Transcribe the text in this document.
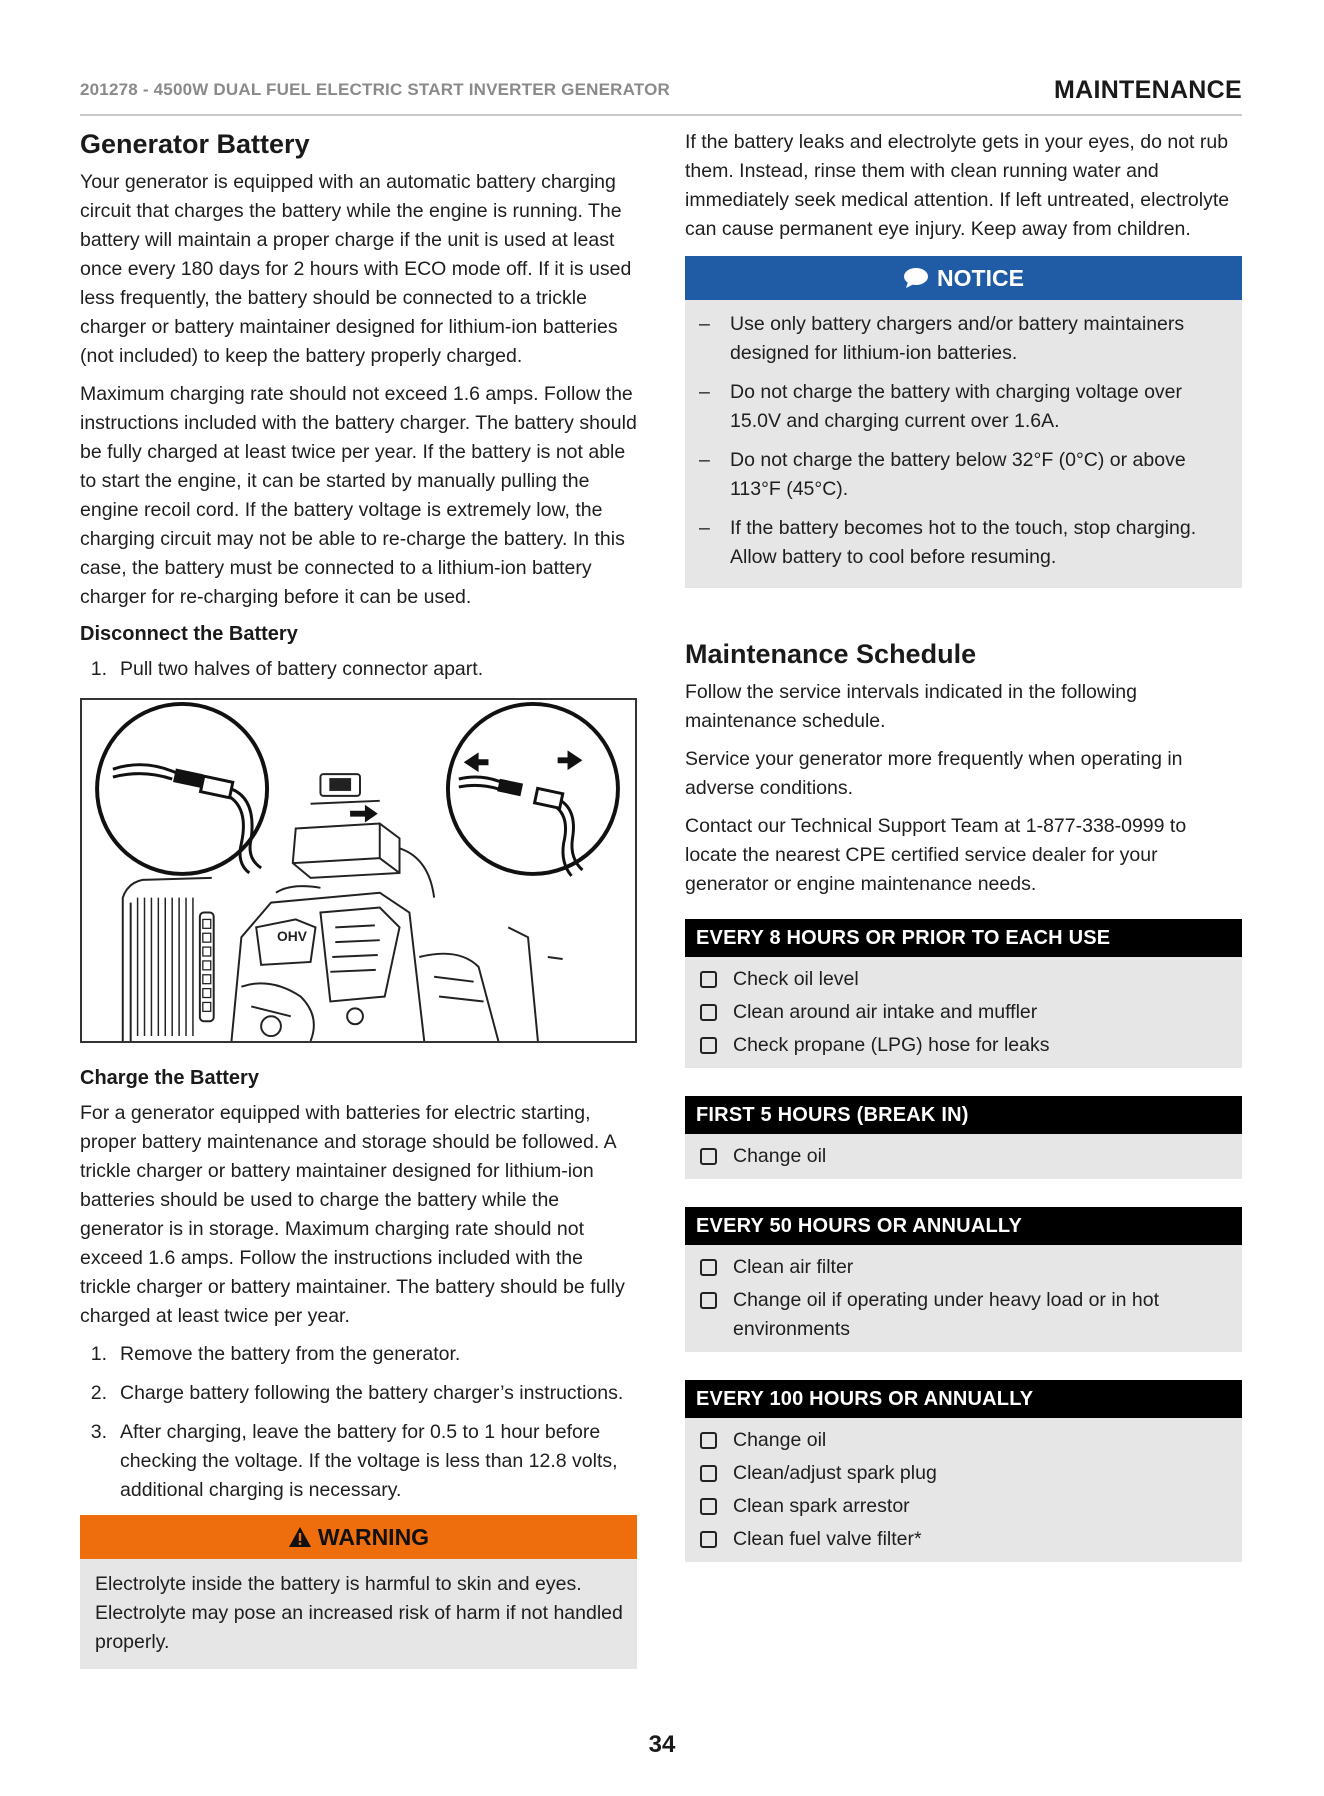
201278 - 4500W DUAL FUEL ELECTRIC START INVERTER GENERATOR	MAINTENANCE
Generator Battery

Your generator is equipped with an automatic battery charging circuit that charges the battery while the engine is running. The battery will maintain a proper charge if the unit is used at least once every 180 days for 2 hours with ECO mode off. If it is used less frequently, the battery should be connected to a trickle charger or battery maintainer designed for lithium-ion batteries (not included) to keep the battery properly charged.

Maximum charging rate should not exceed 1.6 amps. Follow the instructions included with the battery charger. The battery should be fully charged at least twice per year. If the battery is not able to start the engine, it can be started by manually pulling the engine recoil cord. If the battery voltage is extremely low, the charging circuit may not be able to re-charge the battery. In this case, the battery must be connected to a lithium-ion battery charger for re-charging before it can be used.

Disconnect the Battery
1. Pull two halves of battery connector apart.
OHV
Charge the Battery

For a generator equipped with batteries for electric starting, proper battery maintenance and storage should be followed. A trickle charger or battery maintainer designed for lithium-ion batteries should be used to charge the battery while the generator is in storage. Maximum charging rate should not exceed 1.6 amps. Follow the instructions included with the trickle charger or battery maintainer. The battery should be fully charged at least twice per year.

1. Remove the battery from the generator.
2. Charge battery following the battery charger’s instructions.
3. After charging, leave the battery for 0.5 to 1 hour before checking the voltage. If the voltage is less than 12.8 volts, additional charging is necessary.
WARNING
Electrolyte inside the battery is harmful to skin and eyes. Electrolyte may pose an increased risk of harm if not handled properly.

If the battery leaks and electrolyte gets in your eyes, do not rub them. Instead, rinse them with clean running water and immediately seek medical attention. If left untreated, electrolyte can cause permanent eye injury. Keep away from children.

NOTICE
–	Use only battery chargers and/or battery maintainers designed for lithium-ion batteries.
–	Do not charge the battery with charging voltage over 15.0V and charging current over 1.6A.
–	Do not charge the battery below 32°F (0°C) or above 113°F (45°C).
–	If the battery becomes hot to the touch, stop charging. Allow battery to cool before resuming.
Maintenance Schedule

Follow the service intervals indicated in the following maintenance schedule.

Service your generator more frequently when operating in adverse conditions.

Contact our Technical Support Team at 1-877-338-0999 to locate the nearest CPE certified service dealer for your generator or engine maintenance needs.

EVERY 8 HOURS OR PRIOR TO EACH USE
Check oil level
Clean around air intake and muffler
Check propane (LPG) hose for leaks
FIRST 5 HOURS (BREAK IN)
Change oil
EVERY 50 HOURS OR ANNUALLY
Clean air filter
Change oil if operating under heavy load or in hot environments
EVERY 100 HOURS OR ANNUALLY
Change oil
Clean/adjust spark plug
Clean spark arrestor
Clean fuel valve filter*
34
